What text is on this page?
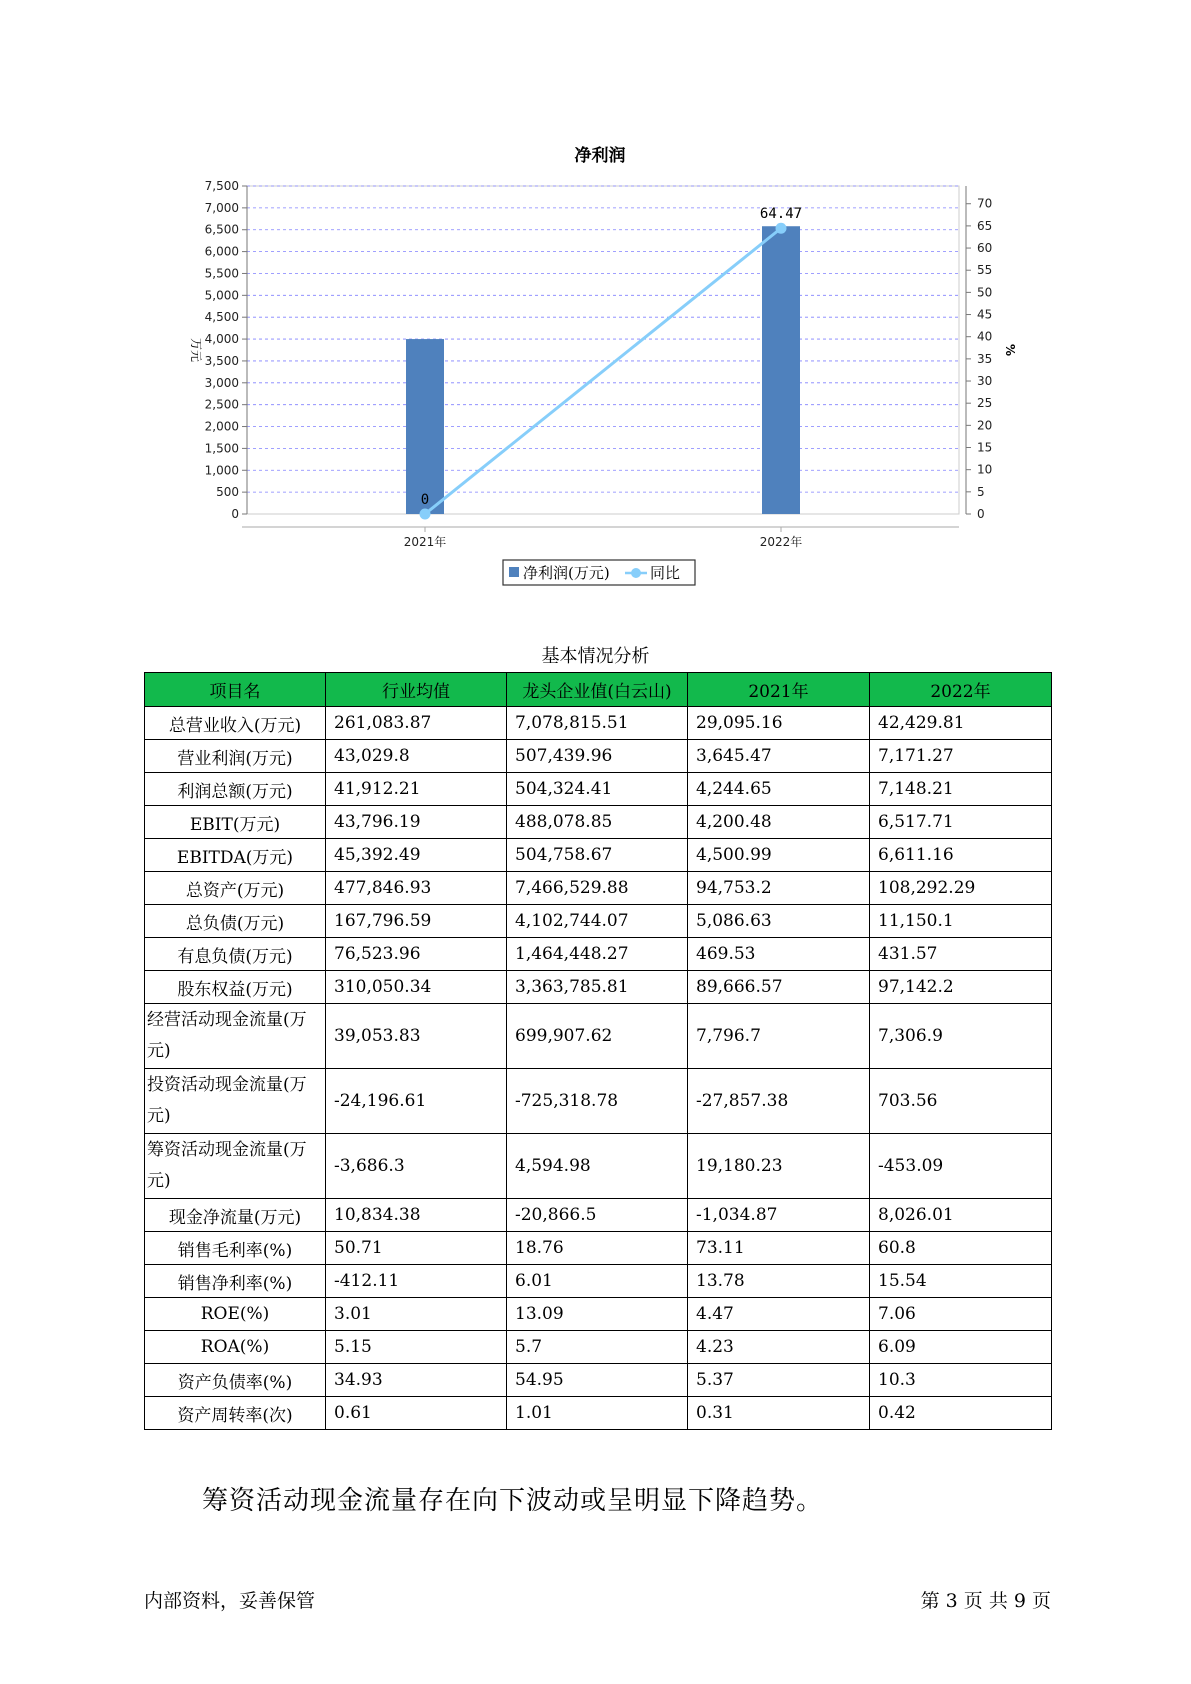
净利润
0
500
1,000
1,500
2,000
2,500
3,000
3,500
4,000
4,500
5,000
5,500
6,000
6,500
7,000
7,500
0
5
10
15
20
25
30
35
40
45
50
55
60
65
70
万元	%
2021年	2022年
0
64.47
净利润(万元)	同比
基本情况分析
项目名	行业均值	龙头企业值(白云山)	2021年	2022年
总营业收入(万元)	261,083.87	7,078,815.51	29,095.16	42,429.81
营业利润(万元)	43,029.8	507,439.96	3,645.47	7,171.27
利润总额(万元)	41,912.21	504,324.41	4,244.65	7,148.21
EBIT(万元)	43,796.19	488,078.85	4,200.48	6,517.71
EBITDA(万元)	45,392.49	504,758.67	4,500.99	6,611.16
总资产(万元)	477,846.93	7,466,529.88	94,753.2	108,292.29
总负债(万元)	167,796.59	4,102,744.07	5,086.63	11,150.1
有息负债(万元)	76,523.96	1,464,448.27	469.53	431.57
股东权益(万元)	310,050.34	3,363,785.81	89,666.57	97,142.2
经营活动现金流量(万元)	39,053.83	699,907.62	7,796.7	7,306.9
投资活动现金流量(万元)	-24,196.61	-725,318.78	-27,857.38	703.56
筹资活动现金流量(万元)	-3,686.3	4,594.98	19,180.23	-453.09
现金净流量(万元)	10,834.38	-20,866.5	-1,034.87	8,026.01
销售毛利率(%)	50.71	18.76	73.11	60.8
销售净利率(%)	-412.11	6.01	13.78	15.54
ROE(%)	3.01	13.09	4.47	7.06
ROA(%)	5.15	5.7	4.23	6.09
资产负债率(%)	34.93	54.95	5.37	10.3
资产周转率(次)	0.61	1.01	0.31	0.42
筹资活动现金流量存在向下波动或呈明显下降趋势。
内部资料，妥善保管	第 3 页 共 9 页
